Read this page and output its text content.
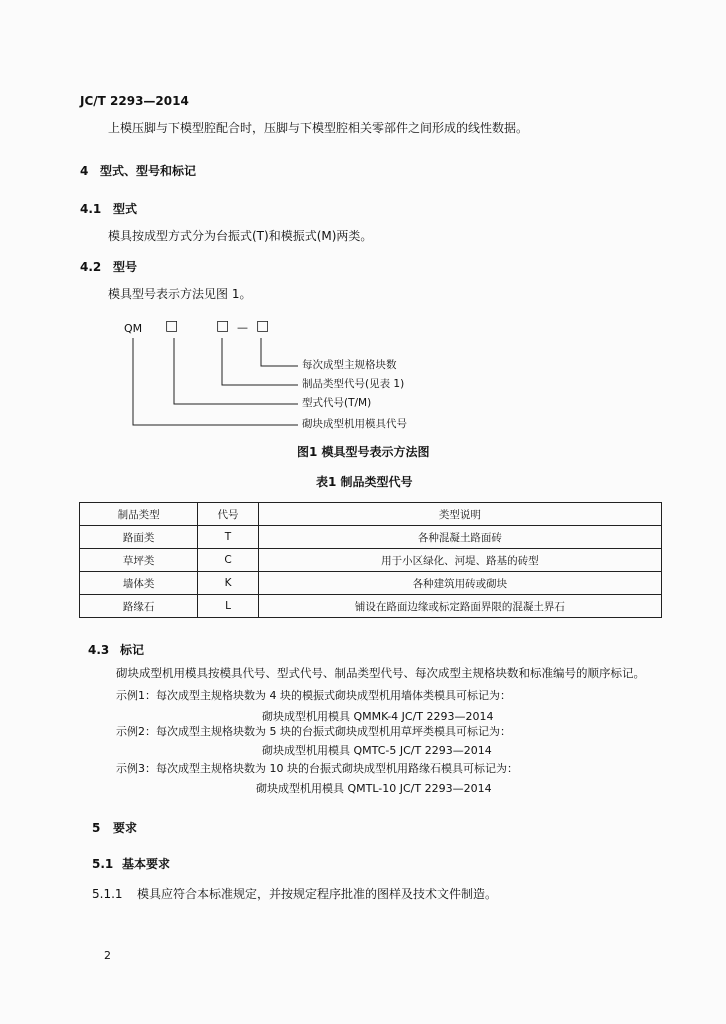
JC/T 2293—2014
上模压脚与下模型腔配合时，压脚与下模型腔相关零部件之间形成的线性数据。
4 型式、型号和标记
4.1 型式
模具按成型方式分为台振式(T)和模振式(M)两类。
4.2 型号
模具型号表示方法见图 1。
QM □	□ — □
每次成型主规格块数
制品类型代号(见表 1)
型式代号(T/M)
砌块成型机用模具代号
图1 模具型号表示方法图
表1 制品类型代号
制品类型	代号	类型说明
路面类	T	各种混凝土路面砖
草坪类	C	用于小区绿化、河堤、路基的砖型
墙体类	K	各种建筑用砖或砌块
路缘石	L	铺设在路面边缘或标定路面界限的混凝土界石
4.3 标记
砌块成型机用模具按模具代号、型式代号、制品类型代号、每次成型主规格块数和标准编号的顺序标记。
示例1：每次成型主规格块数为 4 块的模振式砌块成型机用墙体类模具可标记为：
砌块成型机用模具 QMMK-4 JC/T 2293—2014
示例2：每次成型主规格块数为 5 块的台振式砌块成型机用草坪类模具可标记为：
砌块成型机用模具 QMTC-5 JC/T 2293—2014
示例3：每次成型主规格块数为 10 块的台振式砌块成型机用路缘石模具可标记为：
砌块成型机用模具 QMTL-10 JC/T 2293—2014
5 要求
5.1 基本要求
5.1.1 模具应符合本标准规定，并按规定程序批准的图样及技术文件制造。
2
